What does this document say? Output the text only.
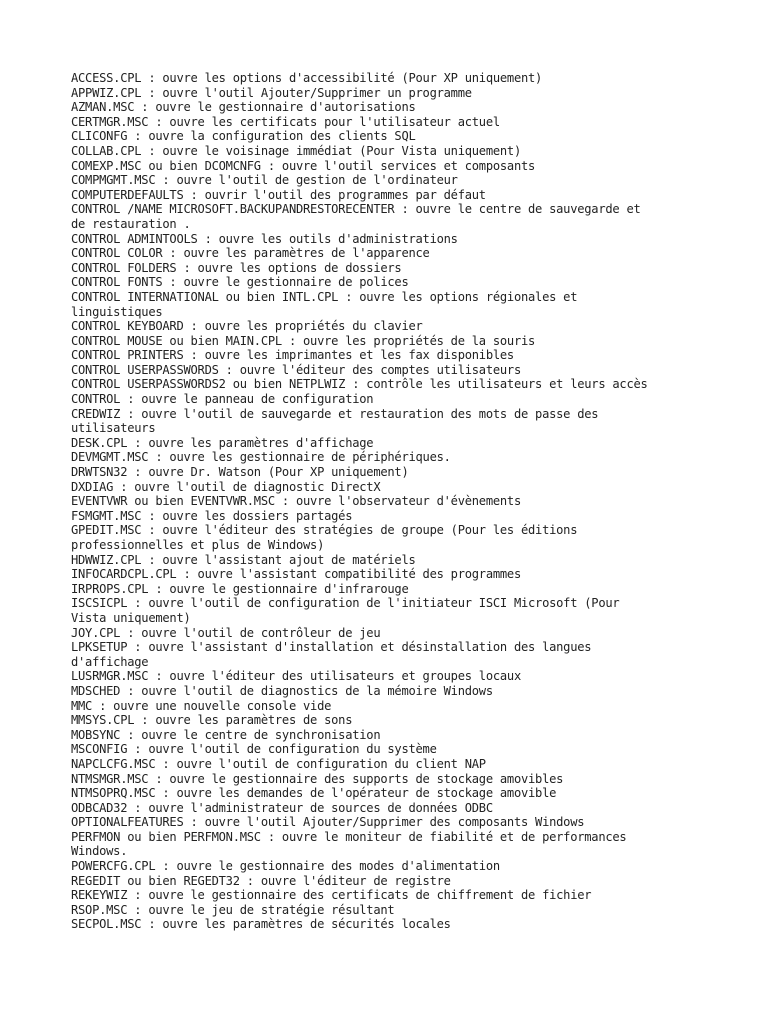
ACCESS.CPL : ouvre les options d'accessibilité (Pour XP uniquement)
APPWIZ.CPL : ouvre l'outil Ajouter/Supprimer un programme
AZMAN.MSC : ouvre le gestionnaire d'autorisations
CERTMGR.MSC : ouvre les certificats pour l'utilisateur actuel
CLICONFG : ouvre la configuration des clients SQL
COLLAB.CPL : ouvre le voisinage immédiat (Pour Vista uniquement)
COMEXP.MSC ou bien DCOMCNFG : ouvre l'outil services et composants
COMPMGMT.MSC : ouvre l'outil de gestion de l'ordinateur
COMPUTERDEFAULTS : ouvrir l'outil des programmes par défaut
CONTROL /NAME MICROSOFT.BACKUPANDRESTORECENTER : ouvre le centre de sauvegarde et
de restauration .
CONTROL ADMINTOOLS : ouvre les outils d'administrations
CONTROL COLOR : ouvre les paramètres de l'apparence
CONTROL FOLDERS : ouvre les options de dossiers
CONTROL FONTS : ouvre le gestionnaire de polices
CONTROL INTERNATIONAL ou bien INTL.CPL : ouvre les options régionales et
linguistiques
CONTROL KEYBOARD : ouvre les propriétés du clavier
CONTROL MOUSE ou bien MAIN.CPL : ouvre les propriétés de la souris
CONTROL PRINTERS : ouvre les imprimantes et les fax disponibles
CONTROL USERPASSWORDS : ouvre l'éditeur des comptes utilisateurs
CONTROL USERPASSWORDS2 ou bien NETPLWIZ : contrôle les utilisateurs et leurs accès
CONTROL : ouvre le panneau de configuration
CREDWIZ : ouvre l'outil de sauvegarde et restauration des mots de passe des
utilisateurs
DESK.CPL : ouvre les paramètres d'affichage
DEVMGMT.MSC : ouvre les gestionnaire de périphériques.
DRWTSN32 : ouvre Dr. Watson (Pour XP uniquement)
DXDIAG : ouvre l'outil de diagnostic DirectX
EVENTVWR ou bien EVENTVWR.MSC : ouvre l'observateur d'évènements
FSMGMT.MSC : ouvre les dossiers partagés
GPEDIT.MSC : ouvre l'éditeur des stratégies de groupe (Pour les éditions
professionnelles et plus de Windows)
HDWWIZ.CPL : ouvre l'assistant ajout de matériels
INFOCARDCPL.CPL : ouvre l'assistant compatibilité des programmes
IRPROPS.CPL : ouvre le gestionnaire d'infrarouge
ISCSICPL : ouvre l'outil de configuration de l'initiateur ISCI Microsoft (Pour
Vista uniquement)
JOY.CPL : ouvre l'outil de contrôleur de jeu
LPKSETUP : ouvre l'assistant d'installation et désinstallation des langues
d'affichage
LUSRMGR.MSC : ouvre l'éditeur des utilisateurs et groupes locaux
MDSCHED : ouvre l'outil de diagnostics de la mémoire Windows
MMC : ouvre une nouvelle console vide
MMSYS.CPL : ouvre les paramètres de sons
MOBSYNC : ouvre le centre de synchronisation
MSCONFIG : ouvre l'outil de configuration du système
NAPCLCFG.MSC : ouvre l'outil de configuration du client NAP
NTMSMGR.MSC : ouvre le gestionnaire des supports de stockage amovibles
NTMSOPRQ.MSC : ouvre les demandes de l'opérateur de stockage amovible
ODBCAD32 : ouvre l'administrateur de sources de données ODBC
OPTIONALFEATURES : ouvre l'outil Ajouter/Supprimer des composants Windows
PERFMON ou bien PERFMON.MSC : ouvre le moniteur de fiabilité et de performances
Windows.
POWERCFG.CPL : ouvre le gestionnaire des modes d'alimentation
REGEDIT ou bien REGEDT32 : ouvre l'éditeur de registre
REKEYWIZ : ouvre le gestionnaire des certificats de chiffrement de fichier
RSOP.MSC : ouvre le jeu de stratégie résultant
SECPOL.MSC : ouvre les paramètres de sécurités locales
